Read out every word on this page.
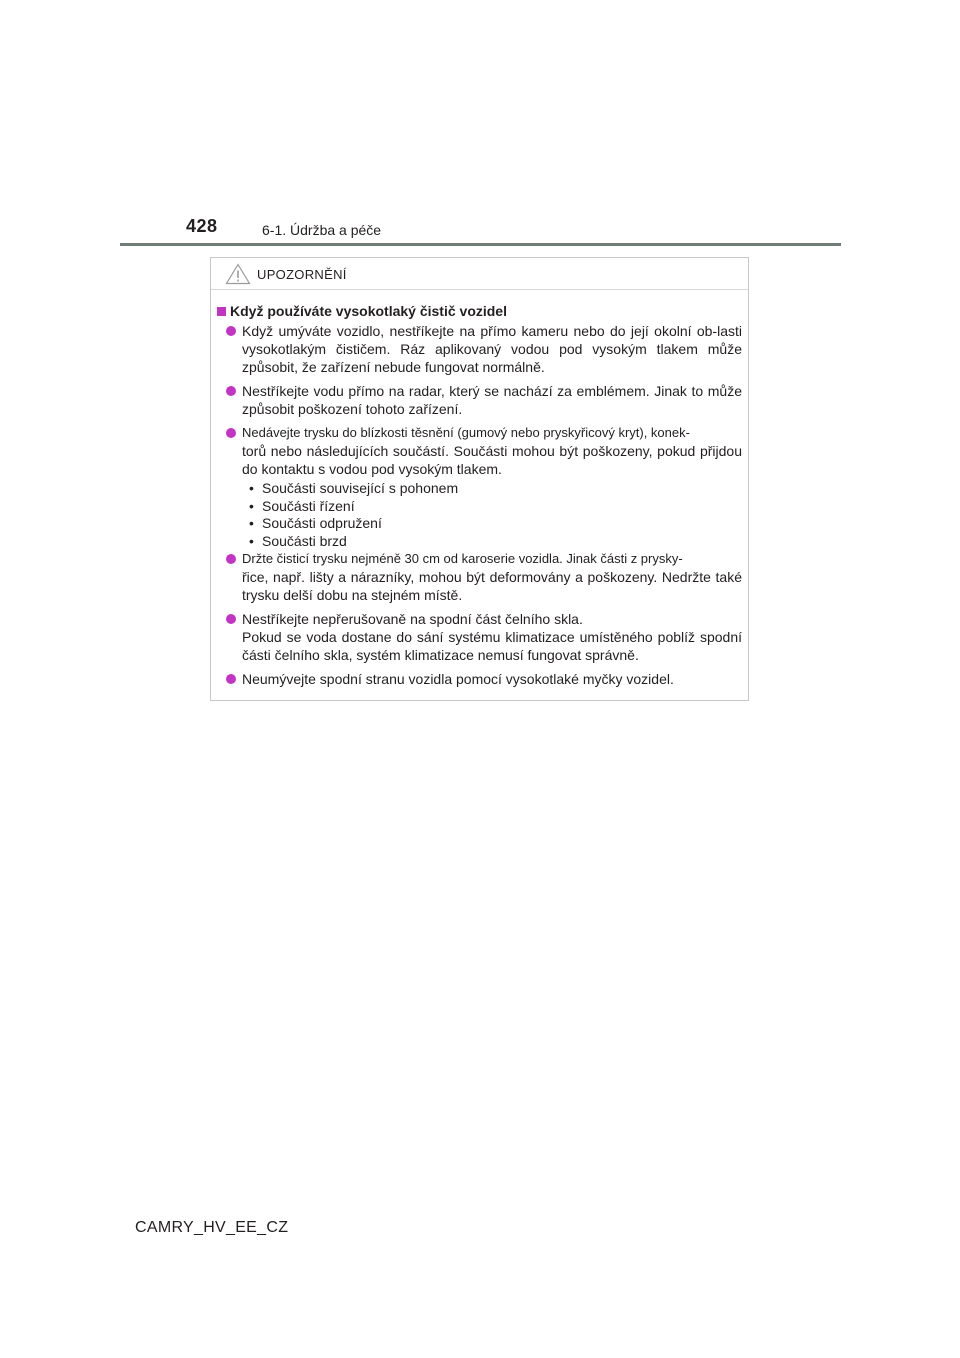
428	6-1. Údržba a péče
UPOZORNĚNÍ
Když používáte vysokotlaký čistič vozidel
Když umýváte vozidlo, nestříkejte na přímo kameru nebo do její okolní ob-lasti vysokotlakým čističem. Ráz aplikovaný vodou pod vysokým tlakem může způsobit, že zařízení nebude fungovat normálně.
Nestříkejte vodu přímo na radar, který se nachází za emblémem. Jinak to může způsobit poškození tohoto zařízení.
Nedávejte trysku do blízkosti těsnění (gumový nebo pryskyřicový kryt), konek-
torů nebo následujících součástí. Součásti mohou být poškozeny, pokud přijdou do kontaktu s vodou pod vysokým tlakem.
• Součásti související s pohonem
• Součásti řízení
• Součásti odpružení
• Součásti brzd
Držte čisticí trysku nejméně 30 cm od karoserie vozidla. Jinak části z prysky-
řice, např. lišty a nárazníky, mohou být deformovány a poškozeny. Nedržte také trysku delší dobu na stejném místě.
Nestříkejte nepřerušovaně na spodní část čelního skla.
Pokud se voda dostane do sání systému klimatizace umístěného poblíž spodní části čelního skla, systém klimatizace nemusí fungovat správně.
Neumývejte spodní stranu vozidla pomocí vysokotlaké myčky vozidel.
CAMRY_HV_EE_CZ
